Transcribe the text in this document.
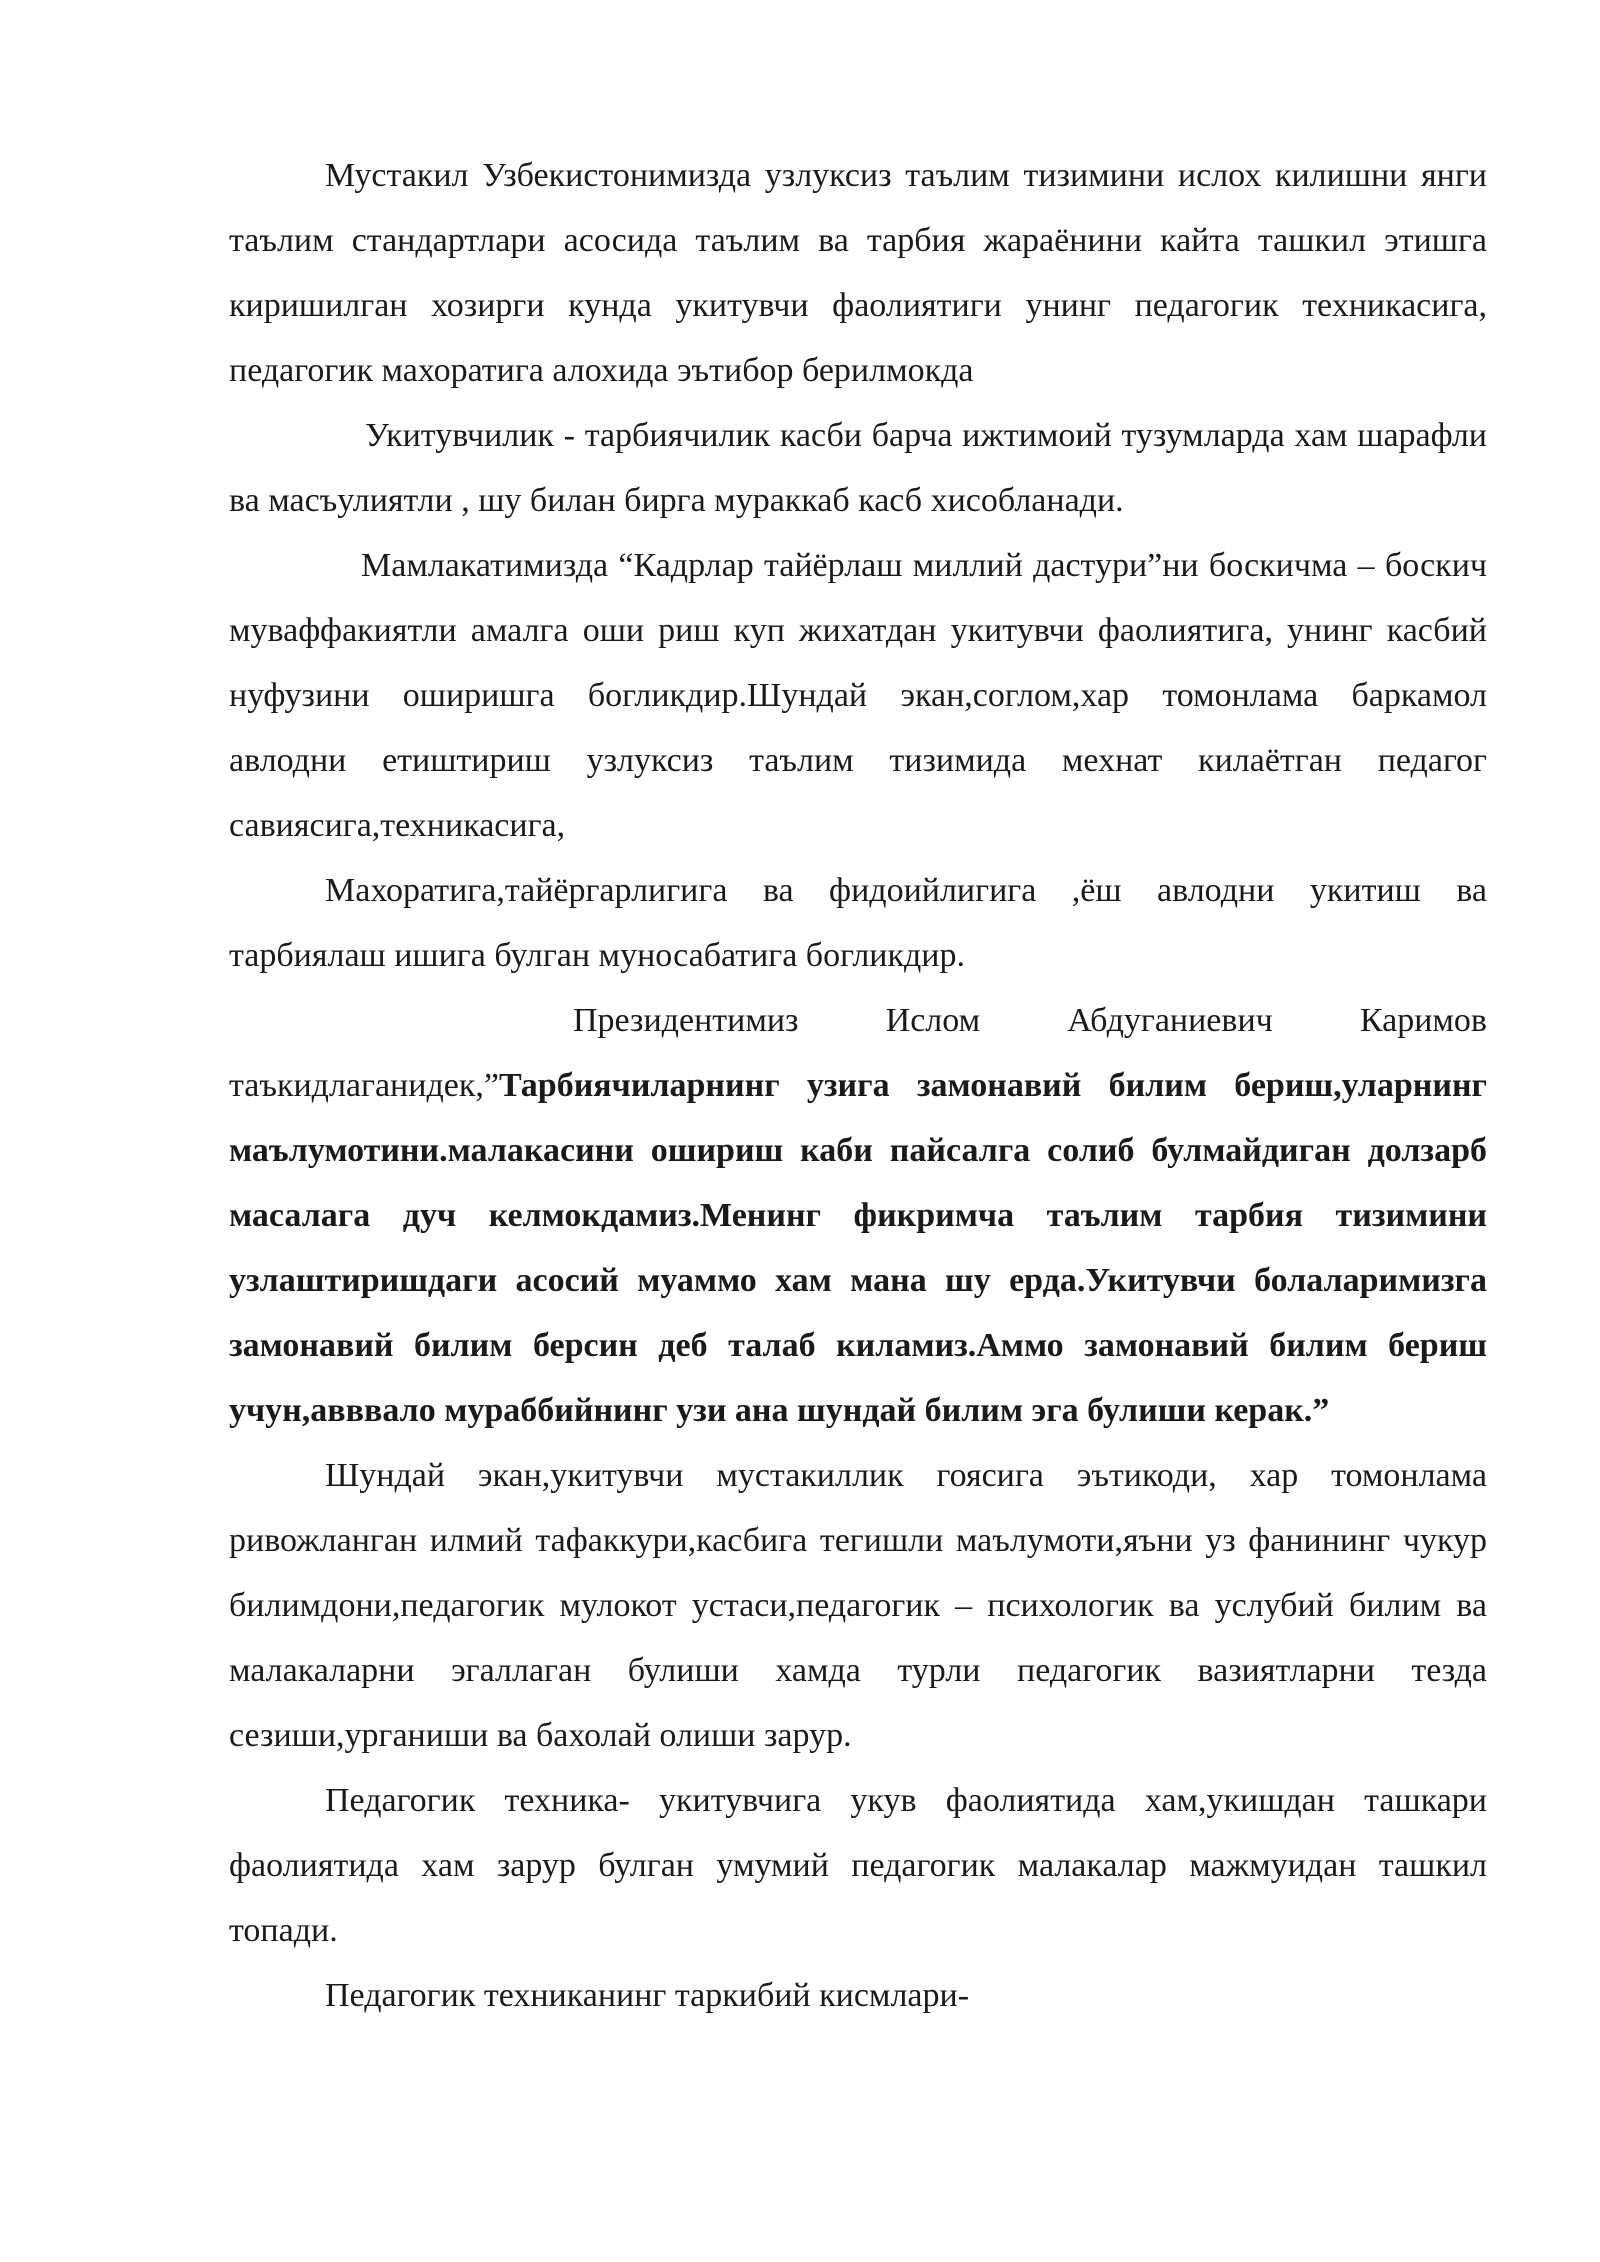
Мустакил Узбекистонимизда узлуксиз таълим тизимини ислох килишни янги таълим стандартлари асосида таълим ва тарбия жараёнини кайта ташкил этишга киришилган хозирги кунда укитувчи фаолиятиги унинг педагогик техникасига, педагогик махоратига алохида эътибор берилмокда

Укитувчилик - тарбиячилик касби барча ижтимоий тузумларда хам шарафли ва масъулиятли , шу билан бирга мураккаб касб хисобланади.

Мамлакатимизда “Кадрлар тайёрлаш миллий дастури”ни боскичма – боскич муваффакиятли амалга оши риш куп жихатдан укитувчи фаолиятига, унинг касбий нуфузини оширишга богликдир.Шундай экан,соглом,хар томонлама баркамол авлодни етиштириш узлуксиз таълим тизимида мехнат килаётган педагог савиясига,техникасига,

Махоратига,тайёргарлигига ва фидоийлигига ,ёш авлодни укитиш ва тарбиялаш ишига булган муносабатига богликдир.

Президентимиз Ислом Абдуганиевич Каримов таъкидлаганидек,”Тарбиячиларнинг узига замонавий билим бериш,уларнинг маълумотини.малакасини ошириш каби пайсалга солиб булмайдиган долзарб масалага дуч келмокдамиз.Менинг фикримча таълим тарбия тизимини узлаштиришдаги асосий муаммо хам мана шу ерда.Укитувчи болаларимизга замонавий билим берсин деб талаб киламиз.Аммо замонавий билим бериш учун,авввало мураббийнинг узи ана шундай билим эга булиши керак.”

Шундай экан,укитувчи мустакиллик гоясига эътикоди, хар томонлама ривожланган илмий тафаккури,касбига тегишли маълумоти,яъни уз фанининг чукур билимдони,педагогик мулокот устаси,педагогик – психологик ва услубий билим ва малакаларни эгаллаган булиши хамда турли педагогик вазиятларни тезда сезиши,урганиши ва бахолай олиши зарур.

Педагогик техника- укитувчига укув фаолиятида хам,укишдан ташкари фаолиятида хам зарур булган умумий педагогик малакалар мажмуидан ташкил топади.

Педагогик техниканинг таркибий кисмлари-
